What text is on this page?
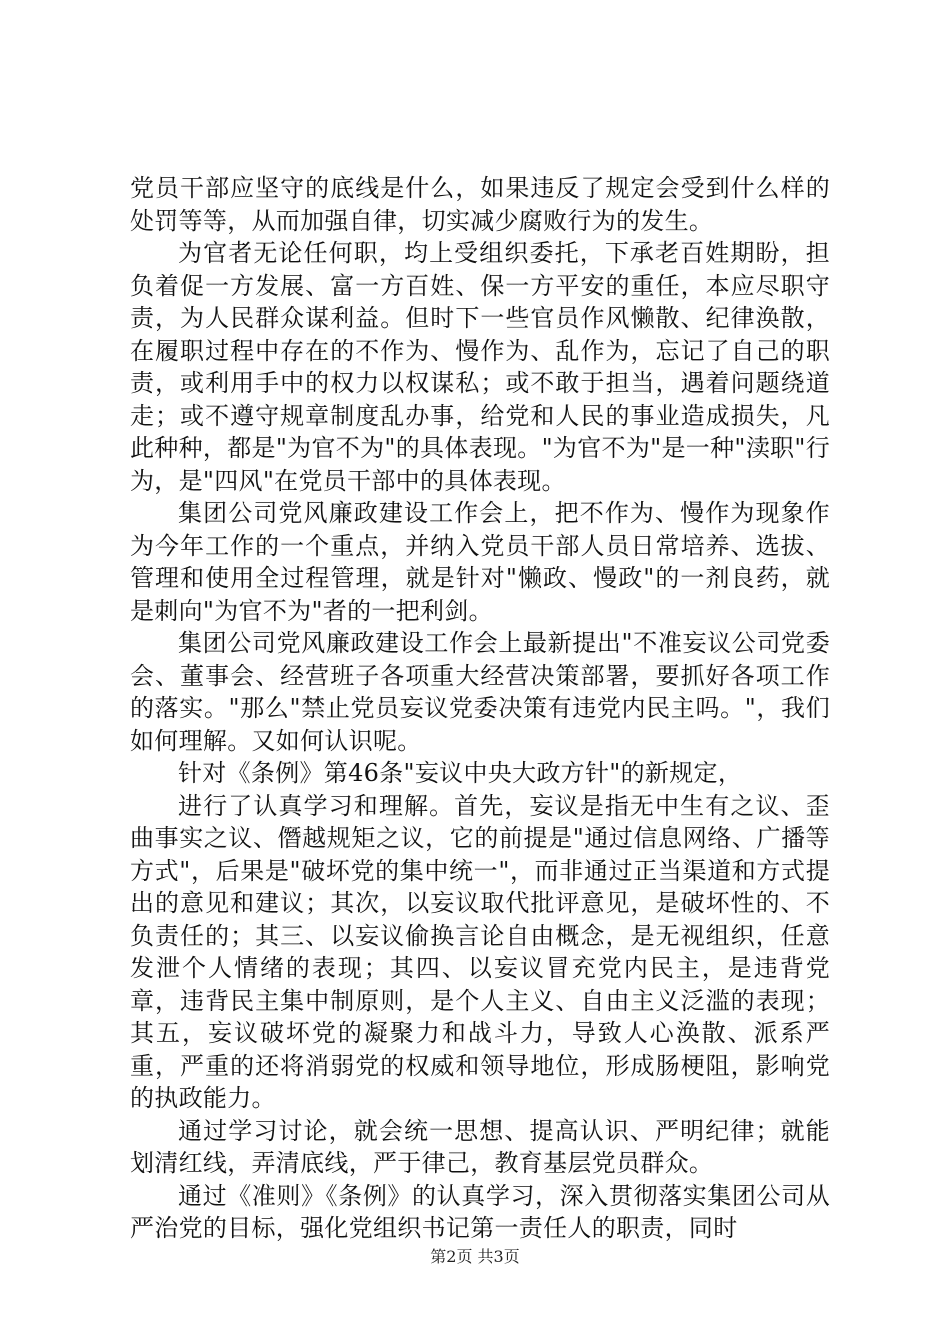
党员干部应坚守的底线是什么，如果违反了规定会受到什么样的处罚等等，从而加强自律，切实减少腐败行为的发生。

为官者无论任何职，均上受组织委托，下承老百姓期盼，担负着促一方发展、富一方百姓、保一方平安的重任，本应尽职守责，为人民群众谋利益。但时下一些官员作风懒散、纪律涣散，在履职过程中存在的不作为、慢作为、乱作为，忘记了自己的职责，或利用手中的权力以权谋私；或不敢于担当，遇着问题绕道走；或不遵守规章制度乱办事，给党和人民的事业造成损失，凡此种种，都是"为官不为"的具体表现。"为官不为"是一种"渎职"行为，是"四风"在党员干部中的具体表现。

集团公司党风廉政建设工作会上，把不作为、慢作为现象作为今年工作的一个重点，并纳入党员干部人员日常培养、选拔、管理和使用全过程管理，就是针对"懒政、慢政"的一剂良药，就是刺向"为官不为"者的一把利剑。

集团公司党风廉政建设工作会上最新提出"不准妄议公司党委会、董事会、经营班子各项重大经营决策部署，要抓好各项工作的落实。"那么"禁止党员妄议党委决策有违党内民主吗。"，我们如何理解。又如何认识呢。

针对《条例》第46条"妄议中央大政方针"的新规定，

进行了认真学习和理解。首先，妄议是指无中生有之议、歪曲事实之议、僭越规矩之议，它的前提是"通过信息网络、广播等方式"，后果是"破坏党的集中统一"，而非通过正当渠道和方式提出的意见和建议；其次，以妄议取代批评意见，是破坏性的、不负责任的；其三、以妄议偷换言论自由概念，是无视组织，任意发泄个人情绪的表现；其四、以妄议冒充党内民主，是违背党章，违背民主集中制原则，是个人主义、自由主义泛滥的表现；其五，妄议破坏党的凝聚力和战斗力，导致人心涣散、派系严重，严重的还将消弱党的权威和领导地位，形成肠梗阻，影响党的执政能力。

通过学习讨论，就会统一思想、提高认识、严明纪律；就能划清红线，弄清底线，严于律己，教育基层党员群众。

通过《准则》《条例》的认真学习，深入贯彻落实集团公司从严治党的目标，强化党组织书记第一责任人的职责，同时

第2页 共3页
